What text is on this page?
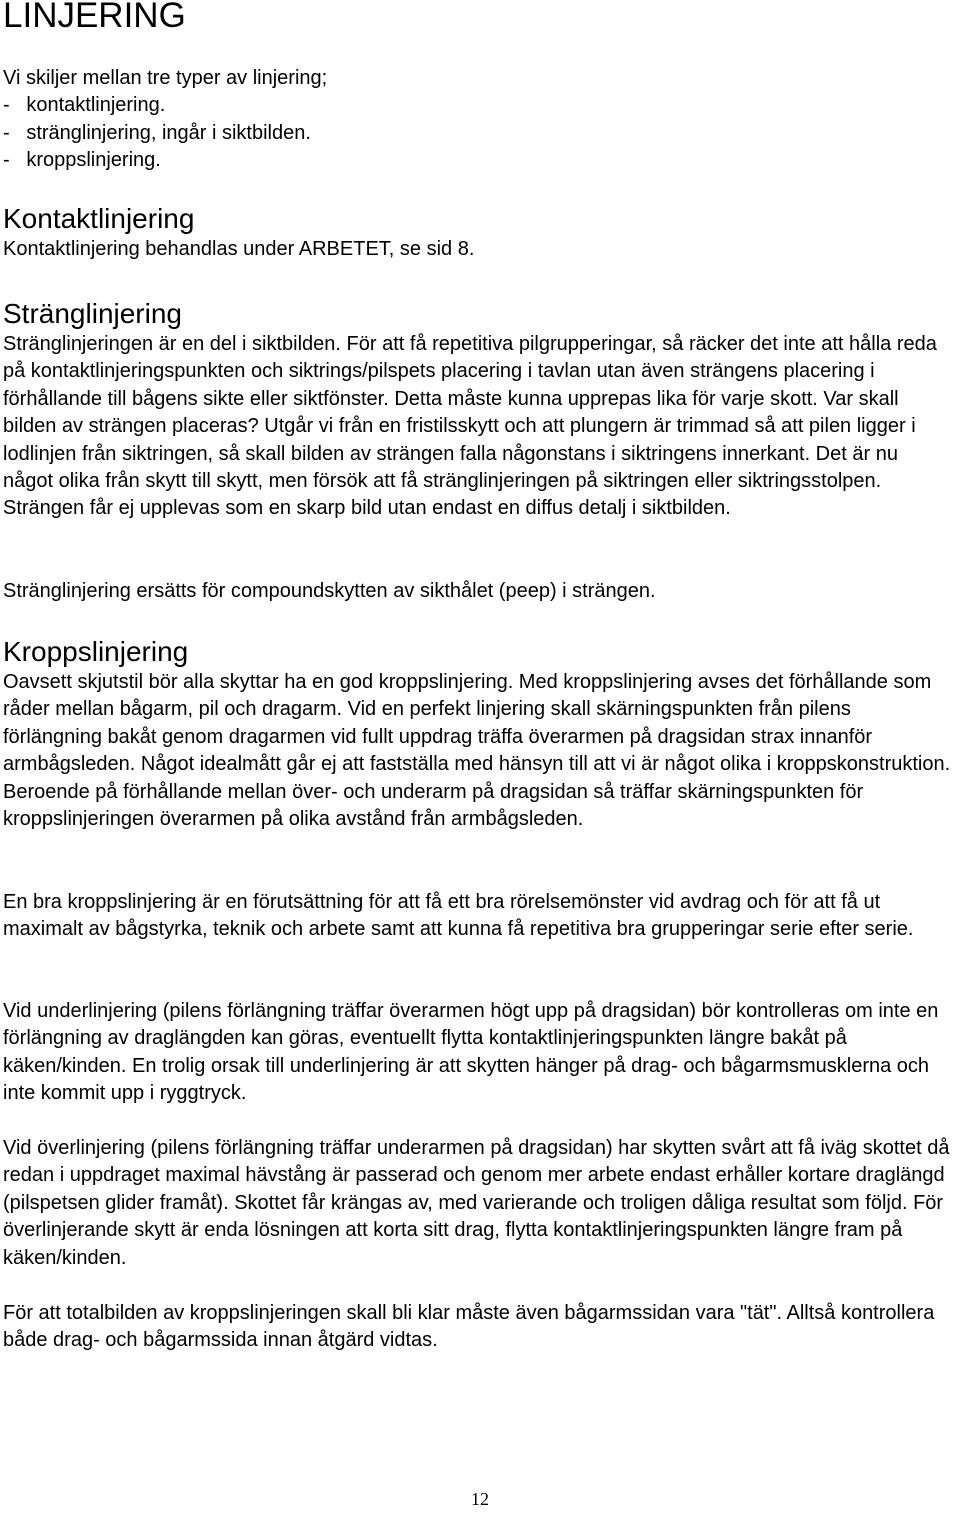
LINJERING

Vi skiljer mellan tre typer av linjering;

-   kontaktlinjering.
-   stränglinjering, ingår i siktbilden.
-   kroppslinjering.
Kontaktlinjering

Kontaktlinjering behandlas under ARBETET, se sid 8.

Stränglinjering

Stränglinjeringen är en del i siktbilden. För att få repetitiva pilgrupperingar, så räcker det inte att hålla reda på kontaktlinjeringspunkten och siktrings/pilspets placering i tavlan utan även strängens placering i förhållande till bågens sikte eller siktfönster. Detta måste kunna upprepas lika för varje skott. Var skall bilden av strängen placeras? Utgår vi från en fristilsskytt och att plungern är trimmad så att pilen ligger i lodlinjen från siktringen, så skall bilden av strängen falla någonstans i siktringens innerkant. Det är nu något olika från skytt till skytt, men försök att få stränglinjeringen på siktringen eller siktringsstolpen. Strängen får ej upplevas som en skarp bild utan endast en diffus detalj i siktbilden.

Stränglinjering ersätts för compoundskytten av sikthålet (peep) i strängen.

Kroppslinjering

Oavsett skjutstil bör alla skyttar ha en god kroppslinjering. Med kroppslinjering avses det förhållande som råder mellan bågarm, pil och dragarm. Vid en perfekt linjering skall skärningspunkten från pilens förlängning bakåt genom dragarmen vid fullt uppdrag träffa överarmen på dragsidan strax innanför armbågsleden. Något idealmått går ej att fastställa med hänsyn till att vi är något olika i kroppskonstruktion. Beroende på förhållande mellan över- och underarm på dragsidan så träffar skärningspunkten för kroppslinjeringen överarmen på olika avstånd från armbågsleden.

En bra kroppslinjering är en förutsättning för att få ett bra rörelsemönster vid avdrag och för att få ut maximalt av bågstyrka, teknik och arbete samt att kunna få repetitiva bra grupperingar serie efter serie.

Vid underlinjering (pilens förlängning träffar överarmen högt upp på dragsidan) bör kontrolleras om inte en förlängning av draglängden kan göras, eventuellt flytta kontaktlinjeringspunkten längre bakåt på käken/kinden. En trolig orsak till underlinjering är att skytten hänger på drag- och bågarmsmusklerna och inte kommit upp i ryggtryck.

Vid överlinjering (pilens förlängning träffar underarmen på dragsidan) har skytten svårt att få iväg skottet då redan i uppdraget maximal hävstång är passerad och genom mer arbete endast erhåller kortare draglängd (pilspetsen glider framåt). Skottet får krängas av, med varierande och troligen dåliga resultat som följd. För överlinjerande skytt är enda lösningen att korta sitt drag, flytta kontaktlinjeringspunkten längre fram på käken/kinden.

För att totalbilden av kroppslinjeringen skall bli klar måste även bågarmssidan vara "tät". Alltså kontrollera både drag- och bågarmssida innan åtgärd vidtas.

12
